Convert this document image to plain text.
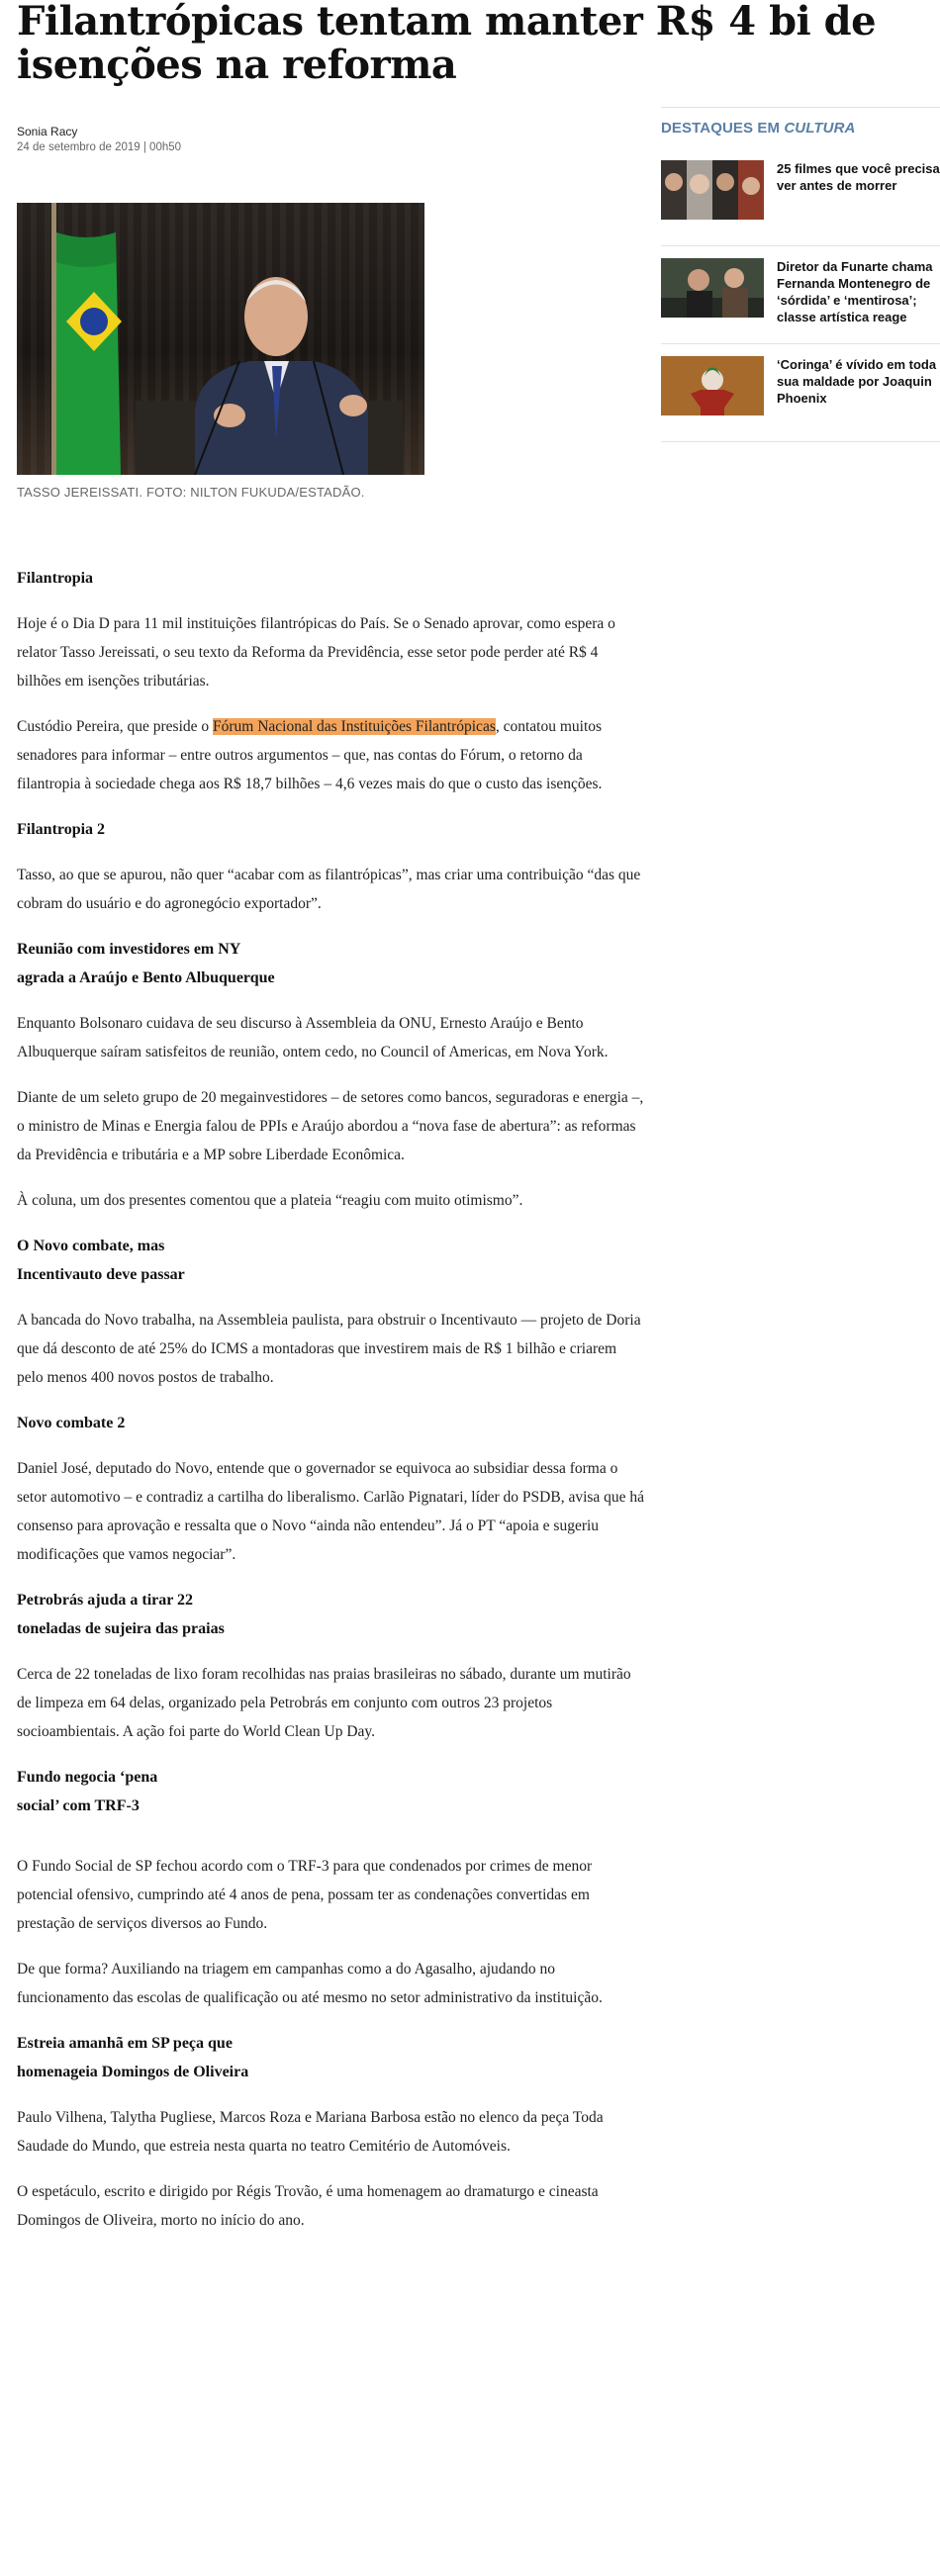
Filantrópicas tentam manter R$ 4 bi de isenções na reforma
Sonia Racy
24 de setembro de 2019 | 00h50
TASSO JEREISSATI. FOTO: NILTON FUKUDA/ESTADÃO.
Filantropia

Hoje é o Dia D para 11 mil instituições filantrópicas do País. Se o Senado aprovar, como espera o relator Tasso Jereissati, o seu texto da Reforma da Previdência, esse setor pode perder até R$ 4 bilhões em isenções tributárias.

Custódio Pereira, que preside o Fórum Nacional das Instituições Filantrópicas, contatou muitos senadores para informar – entre outros argumentos – que, nas contas do Fórum, o retorno da filantropia à sociedade chega aos R$ 18,7 bilhões – 4,6 vezes mais do que o custo das isenções.

Filantropia 2

Tasso, ao que se apurou, não quer “acabar com as filantrópicas”, mas criar uma contribuição “das que cobram do usuário e do agronegócio exportador”.

Reunião com investidores em NY
agrada a Araújo e Bento Albuquerque

Enquanto Bolsonaro cuidava de seu discurso à Assembleia da ONU, Ernesto Araújo e Bento Albuquerque saíram satisfeitos de reunião, ontem cedo, no Council of Americas, em Nova York.

Diante de um seleto grupo de 20 megainvestidores – de setores como bancos, seguradoras e energia –, o ministro de Minas e Energia falou de PPIs e Araújo abordou a “nova fase de abertura”: as reformas da Previdência e tributária e a MP sobre Liberdade Econômica.

À coluna, um dos presentes comentou que a plateia “reagiu com muito otimismo”.

O Novo combate, mas
Incentivauto deve passar

A bancada do Novo trabalha, na Assembleia paulista, para obstruir o Incentivauto — projeto de Doria que dá desconto de até 25% do ICMS a montadoras que investirem mais de R$ 1 bilhão e criarem pelo menos 400 novos postos de trabalho.

Novo combate 2

Daniel José, deputado do Novo, entende que o governador se equivoca ao subsidiar dessa forma o setor automotivo – e contradiz a cartilha do liberalismo. Carlão Pignatari, líder do PSDB, avisa que há consenso para aprovação e ressalta que o Novo “ainda não entendeu”. Já o PT “apoia e sugeriu modificações que vamos negociar”.

Petrobrás ajuda a tirar 22
toneladas de sujeira das praias

Cerca de 22 toneladas de lixo foram recolhidas nas praias brasileiras no sábado, durante um mutirão de limpeza em 64 delas, organizado pela Petrobrás em conjunto com outros 23 projetos socioambientais. A ação foi parte do World Clean Up Day.

Fundo negocia ‘pena
social’ com TRF-3

O Fundo Social de SP fechou acordo com o TRF-3 para que condenados por crimes de menor potencial ofensivo, cumprindo até 4 anos de pena, possam ter as condenações convertidas em prestação de serviços diversos ao Fundo.

De que forma? Auxiliando na triagem em campanhas como a do Agasalho, ajudando no funcionamento das escolas de qualificação ou até mesmo no setor administrativo da instituição.

Estreia amanhã em SP peça que
homenageia Domingos de Oliveira

Paulo Vilhena, Talytha Pugliese, Marcos Roza e Mariana Barbosa estão no elenco da peça Toda Saudade do Mundo, que estreia nesta quarta no teatro Cemitério de Automóveis.

O espetáculo, escrito e dirigido por Régis Trovão, é uma homenagem ao dramaturgo e cineasta Domingos de Oliveira, morto no início do ano.

DESTAQUES EM CULTURA
25 filmes que você precisa
ver antes de morrer
Diretor da Funarte chama
Fernanda Montenegro de
‘sórdida’ e ‘mentirosa’;
classe artística reage
‘Coringa’ é vívido em toda
sua maldade por Joaquin
Phoenix
